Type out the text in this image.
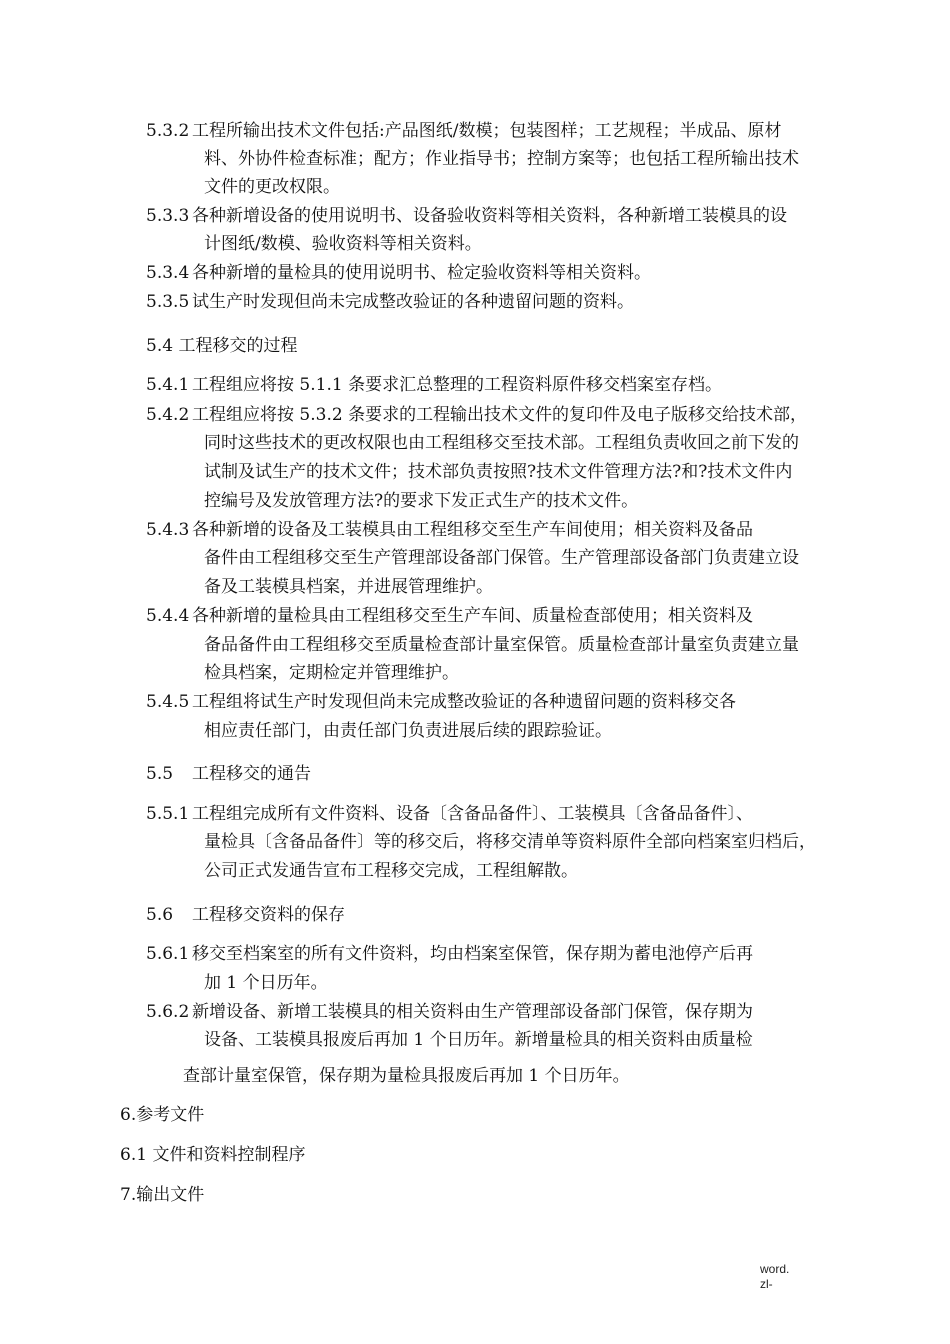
5.3.2 工程所输出技术文件包括:产品图纸/数模；包装图样；工艺规程；半成品、原材
料、外协件检查标准；配方；作业指导书；控制方案等；也包括工程所输出技术
文件的更改权限。
5.3.3 各种新增设备的使用说明书、设备验收资料等相关资料，各种新增工装模具的设
计图纸/数模、验收资料等相关资料。
5.3.4 各种新增的量检具的使用说明书、检定验收资料等相关资料。
5.3.5 试生产时发现但尚未完成整改验证的各种遗留问题的资料。
5.4 工程移交的过程
5.4.1 工程组应将按 5.1.1 条要求汇总整理的工程资料原件移交档案室存档。
5.4.2 工程组应将按 5.3.2 条要求的工程输出技术文件的复印件及电子版移交给技术部，
同时这些技术的更改权限也由工程组移交至技术部。工程组负责收回之前下发的
试制及试生产的技术文件；技术部负责按照?技术文件管理方法?和?技术文件内
控编号及发放管理方法?的要求下发正式生产的技术文件。
5.4.3 各种新增的设备及工装模具由工程组移交至生产车间使用；相关资料及备品
备件由工程组移交至生产管理部设备部门保管。生产管理部设备部门负责建立设
备及工装模具档案，并进展管理维护。
5.4.4 各种新增的量检具由工程组移交至生产车间、质量检查部使用；相关资料及
备品备件由工程组移交至质量检查部计量室保管。质量检查部计量室负责建立量
检具档案，定期检定并管理维护。
5.4.5 工程组将试生产时发现但尚未完成整改验证的各种遗留问题的资料移交各
相应责任部门，由责任部门负责进展后续的跟踪验证。
5.5 工程移交的通告
5.5.1 工程组完成所有文件资料、设备〔含备品备件〕、工装模具〔含备品备件〕、
量检具〔含备品备件〕等的移交后，将移交清单等资料原件全部向档案室归档后，
公司正式发通告宣布工程移交完成，工程组解散。
5.6 工程移交资料的保存
5.6.1 移交至档案室的所有文件资料，均由档案室保管，保存期为蓄电池停产后再
加 1 个日历年。
5.6.2 新增设备、新增工装模具的相关资料由生产管理部设备部门保管，保存期为
设备、工装模具报废后再加 1 个日历年。新增量检具的相关资料由质量检
查部计量室保管，保存期为量检具报废后再加 1 个日历年。
6.参考文件
6.1 文件和资料控制程序
7.输出文件
word.
zl-
